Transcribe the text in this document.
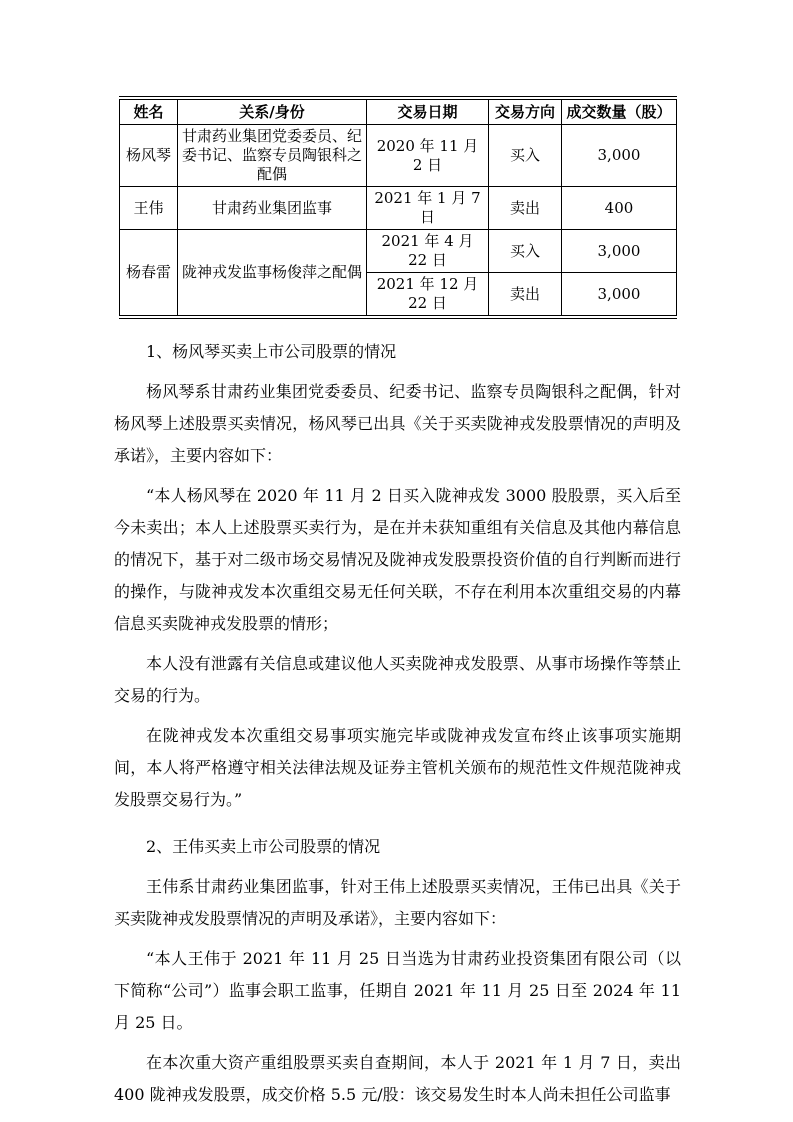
姓名	关系/身份	交易日期	交易方向	成交数量（股）
杨风琴	甘肃药业集团党委委员、纪委书记、监察专员陶银科之配偶	2020 年 11 月 2 日	买入	3,000
王伟	甘肃药业集团监事	2021 年 1 月 7 日	卖出	400
杨春雷	陇神戎发监事杨俊萍之配偶	2021 年 4 月 22 日	买入	3,000
		2021 年 12 月 22 日	卖出	3,000

1、杨风琴买卖上市公司股票的情况

杨风琴系甘肃药业集团党委委员、纪委书记、监察专员陶银科之配偶，针对杨风琴上述股票买卖情况，杨风琴已出具《关于买卖陇神戎发股票情况的声明及承诺》，主要内容如下：

“本人杨风琴在 2020 年 11 月 2 日买入陇神戎发 3000 股股票，买入后至今未卖出；本人上述股票买卖行为，是在并未获知重组有关信息及其他内幕信息的情况下，基于对二级市场交易情况及陇神戎发股票投资价值的自行判断而进行的操作，与陇神戎发本次重组交易无任何关联，不存在利用本次重组交易的内幕信息买卖陇神戎发股票的情形；

本人没有泄露有关信息或建议他人买卖陇神戎发股票、从事市场操作等禁止交易的行为。

在陇神戎发本次重组交易事项实施完毕或陇神戎发宣布终止该事项实施期间，本人将严格遵守相关法律法规及证券主管机关颁布的规范性文件规范陇神戎发股票交易行为。”

2、王伟买卖上市公司股票的情况

王伟系甘肃药业集团监事，针对王伟上述股票买卖情况，王伟已出具《关于买卖陇神戎发股票情况的声明及承诺》，主要内容如下：

“本人王伟于 2021 年 11 月 25 日当选为甘肃药业投资集团有限公司（以下简称“公司”）监事会职工监事，任期自 2021 年 11 月 25 日至 2024 年 11 月 25 日。

在本次重大资产重组股票买卖自查期间，本人于 2021 年 1 月 7 日，卖出 400 陇神戎发股票，成交价格 5.5 元/股：该交易发生时本人尚未担任公司监事
